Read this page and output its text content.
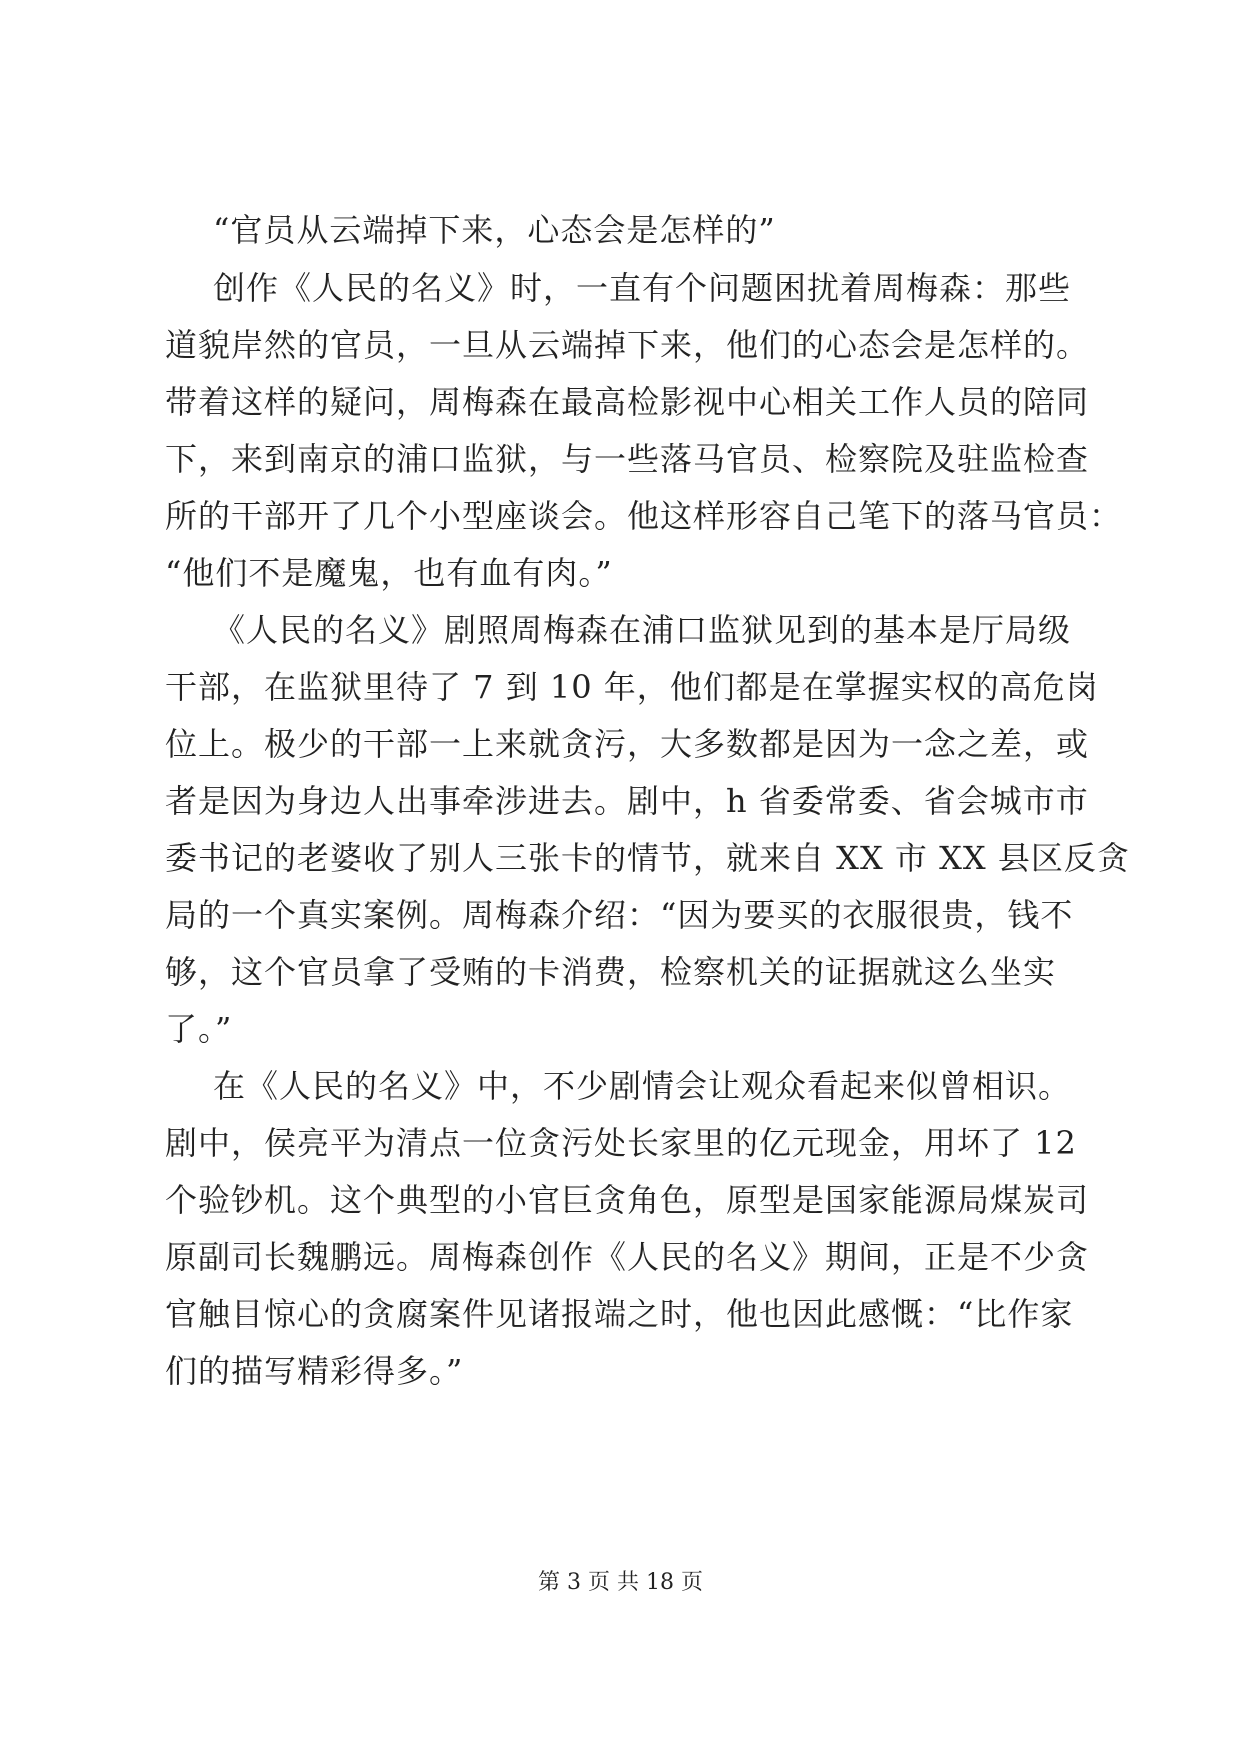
“官员从云端掉下来，心态会是怎样的”
创作《人民的名义》时，一直有个问题困扰着周梅森：那些
道貌岸然的官员，一旦从云端掉下来，他们的心态会是怎样的。
带着这样的疑问，周梅森在最高检影视中心相关工作人员的陪同
下，来到南京的浦口监狱，与一些落马官员、检察院及驻监检查
所的干部开了几个小型座谈会。他这样形容自己笔下的落马官员：
“他们不是魔鬼，也有血有肉。”
《人民的名义》剧照周梅森在浦口监狱见到的基本是厅局级
干部，在监狱里待了 7 到 10 年，他们都是在掌握实权的高危岗
位上。极少的干部一上来就贪污，大多数都是因为一念之差，或
者是因为身边人出事牵涉进去。剧中，h 省委常委、省会城市市
委书记的老婆收了别人三张卡的情节，就来自 XX 市 XX 县区反贪
局的一个真实案例。周梅森介绍：“因为要买的衣服很贵，钱不
够，这个官员拿了受贿的卡消费，检察机关的证据就这么坐实
了。”
在《人民的名义》中，不少剧情会让观众看起来似曾相识。
剧中，侯亮平为清点一位贪污处长家里的亿元现金，用坏了 12
个验钞机。这个典型的小官巨贪角色，原型是国家能源局煤炭司
原副司长魏鹏远。周梅森创作《人民的名义》期间，正是不少贪
官触目惊心的贪腐案件见诸报端之时，他也因此感慨：“比作家
们的描写精彩得多。”
第 3 页 共 18 页
